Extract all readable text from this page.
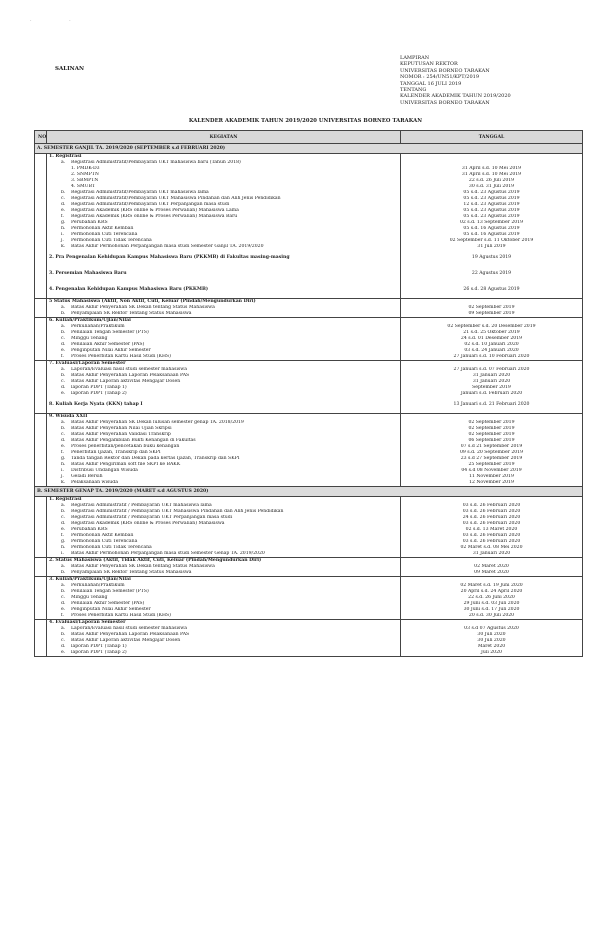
· ·
SALINAN
LAMPIRAN
KEPUTUSAN REKTOR
UNIVERSITAS BORNEO TARAKAN
NOMOR : 254/UN51/KPT/2019
TANGGAL 16 JULI 2019
TENTANG
KALENDER AKADEMIK TAHUN 2019/2020
UNIVERSITAS BORNEO TARAKAN
KALENDER AKADEMIK TAHUN 2019/2020 UNIVERSITAS BORNEO TARAKAN
NO	KEGIATAN	TANGGAL
A. SEMESTER GANJIL TA. 2019/2020 (SEPTEMBER s.d FEBRUARI 2020)		
	1. Registrasi	
	a. Registrasi Administratif/Pembayaran UKT mahasiswa baru (Tahun 2018)	
	1. PMDK-D3	31 April s.d. 10 Mei 2019
	2. SNMPTN	31 April s.d. 10 Mei 2019
	3. SBMPTN	22 s.d. 26 Juli 2019
	4. SMUBT	30 s.d. 31 Juli 2019
	b. Registrasi Administratif/Pembayaran UKT mahasiswa lama	05 s.d. 23 Agustus 2019
	c. Registrasi Administratif/Pembayaran UKT Mahasiswa Pindahan dan Alih Jenis Pendidikan	05 s.d. 23 Agustus 2019
	d. Registrasi Administratif/Pembayaran UKT Perpanjangan masa studi	12 s.d. 23 Agustus 2019
	e. Registrasi Akademik (KRS online & Proses Perwalian) Mahasiswa Lama	05 s.d. 23 Agustus 2019
	f. Registrasi Akademik (KRS online & Proses Perwalian) Mahasiswa Baru	05 s.d. 23 Agustus 2019
	g. Perubahan KRS	02 s.d. 13 September 2019
	h. Permohonan Aktif Kembali	05 s.d. 16 Agustus 2019
	i. Permohonan Cuti Terencana	05 s.d. 16 Agustus 2019
	j. Permohonan Cuti Tidak Terencana	02 September s.d. 11 Oktober 2019
	k. Batas Akhir Permohonan Perpanjangan masa studi Semester Ganjil TA. 2019/2020	31 Juli 2019
	2. Pra Pengenalan Kehidupan Kampus Mahasiswa Baru (PKKMB) di Fakultas masing-masing	19 Agustus 2019
	3. Persemian Mahasiswa Baru	22 Agustus 2019
	4. Pengenalan Kehidupan Kampus Mahasiswa Baru (PKKMB)	26 s.d. 28 Agustus 2019
	5 Status Mahasiswa (Aktif, Non Aktif, Cuti, Keluar (Pindah/Mengundurkan Diri)	
	a. Batas Akhir Penyerahan SK Dekan tentang Status Mahasiswa	02 September 2019
	b. Penyampaian SK Rektor Tentang Status Mahasiswa	09 September 2019
	6. Kuliah/Praktikum/Ujian/Nilai	
	a. Perkuliahan/Praktikum	02 September s.d. 20 Desember 2019
	b. Penilaian Tengah Semester (PTS)	21 s.d. 25 Oktober 2019
	c. Minggu Tenang	24 s.d. 01 Desember 2019
	d. Penilaian Akhir Semester (PAS)	02 s.d. 10 Januari 2020
	e. Penginputan Nilai Akhir Semester	03 s.d. 24 Januari 2020
	f. Proses Penerbitan Kartu Hasil Studi (KHS)	27 Januari s.d. 10 Februari 2020
	7. Evaluasi/Laporan Semester	
	a. Laporan/Evaluasi hasil studi semester mahasiswa	27 Januari s.d. 07 Februari 2020
	b. Batas Akhir Penyerahan Laporan Pelaksanaan PAS	31 Januari 2020
	c. Batas Akhir Laporan aktivitas Mengajar Dosen	31 Januari 2020
	d. laporan PDPT (Tahap 1)	September 2019
	e. laporan PDPT (Tahap 2)	Januari s.d. Februari 2020
	8. Kuliah Kerja Nyata (KKN) tahap I	13 Januari s.d. 21 Februari 2020
	9. Wisuda XXII	
	a. Batas Akhir Penyerahan SK Dekan lulusan semester genap TA. 2018/2019	02 September 2019
	b. Batas Akhir Penyerahan Nilai Ujian Skripsi	02 September 2019
	c. Batas Akhir Penyerahan Validasi Transkrip	02 September 2019
	d. Batas Akhir Pengambilan Bukti Kenangan di Fakultas	06 September 2019
	e. Proses penerbitan/pencetakan buku kenangan	07 s.d 21 September 2019
	f. Penerbitan Ijazah, Transkrip dan SKPI	09 s.d. 20 September 2019
	g. Tanda tangan Rektor dan Dekan pada kertas Ijazah, Transkrip dan SKPI	23 s.d 27 September 2019
	h. Batas Akhir Pengiriman soft file SKPI ke BAKK	25 September 2019
	i. Distribusi Undangan Wisuda	04 s.d 08 November 2019
	j. Geladi Bersih	11 November 2019
	k. Pelaksanaan wisuda	12 November 2019
B. SEMESTER GENAP TA. 2019/2020 (MARET s.d AGUSTUS 2020)		
	1. Registrasi	
	a. Registrasi Administratif / Pembayaran UKT mahasiswa lama	03 s.d. 26 Februari 2020
	b. Registrasi Administratif / Pembayaran UKT Mahasiswa Pindahan dan Alih Jenis Pendidikan	03 s.d. 26 Februari 2020
	c. Registrasi Administratif / Pembayaran UKT Perpanjangan masa studi	24 s.d. 26 Februari 2020
	d. Registrasi Akademik (KRS online & Proses Perwalian) Mahasiswa	03 s.d. 26 Februari 2020
	e. Perubahan KRS	02 s.d. 13 Maret 2020
	f. Permohonan Aktif Kembali	03 s.d. 26 Februari 2020
	g. Permohonan Cuti Terencana	03 s.d. 26 Februari 2020
	h. Permohonan Cuti Tidak Terencana	02 Maret s.d. 08 Mei 2020
	i. Batas Akhir Permohonan Perpanjangan masa studi Semester Genap TA. 2019/2020	31 Januari 2020
	2. Status Mahasiswa (Aktif, Tidak Aktif, Cuti, Keluar (Pindah/Mengundurkan Diri)	
	a. Batas Akhir Penyerahan SK Dekan tentang Status Mahasiswa	02 Maret 2020
	b. Penyampaian SK Rektor Tentang Status Mahasiswa	09 Maret 2020
	3. Kuliah/Praktikum/Ujian/Nilai	
	a. Perkuliahan/Praktikum	02 Maret s.d. 19 Juni 2020
	b. Penilaian Tengah Semester (PTS)	20 April s.d. 24 April 2020
	c. Minggu Tenang	22 s.d. 26 Juni 2020
	d. Penilaian Akhir Semester (PAS)	29 Juni s.d. 03 Juli 2020
	e. Penginputan Nilai Akhir Semester	30 Juni s.d. 17 Juli 2020
	f. Proses Penerbitan Kartu Hasil Studi (KHS)	20 s.d. 30 Juli 2020
	4. Evaluasi/Laporan Semester	
	a. Laporan/Evaluasi hasil studi semester mahasiswa	03 s.d 07 Agustus 2020
	b. Batas Akhir Penyerahan Laporan Pelaksanaan PAS	30 Juli 2020
	c. Batas Akhir Laporan aktivitas Mengajar Dosen	30 Juli 2020
	d. laporan PDPT (Tahap 1)	Maret 2020
	e. laporan PDPT (Tahap 2)	Juli 2020
